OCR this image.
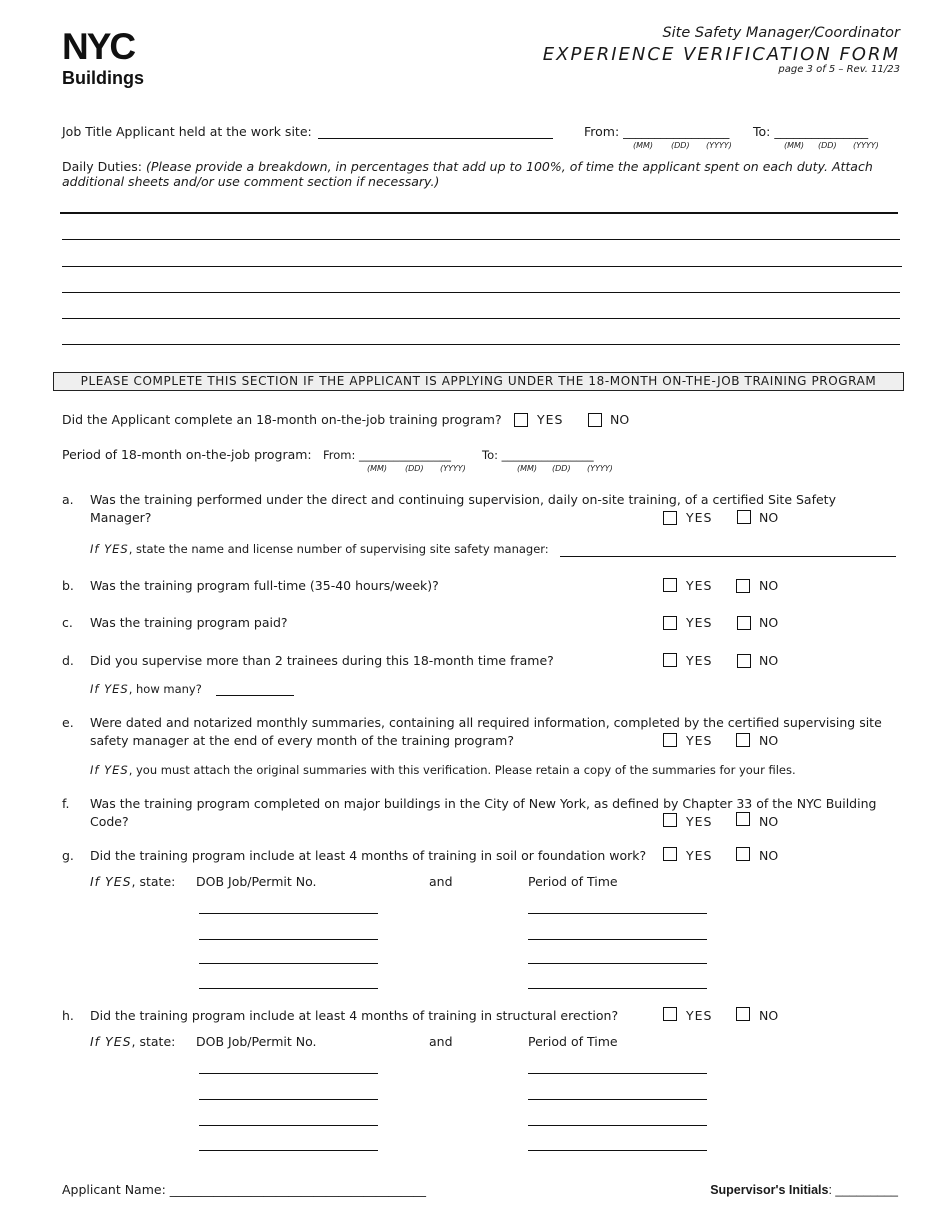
NYC
Buildings
Site Safety Manager/Coordinator
EXPERIENCE VERIFICATION FORM
page 3 of 5 – Rev. 11/23
Job Title Applicant held at the work site:	From: _________________ To: _______________
(MM) (DD) (YYYY)	(MM) (DD) (YYYY)
Daily Duties: (Please provide a breakdown, in percentages that add up to 100%, of time the applicant spent on each duty. Attach additional sheets and/or use comment section if necessary.)
PLEASE COMPLETE THIS SECTION IF THE APPLICANT IS APPLYING UNDER THE 18-MONTH ON-THE-JOB TRAINING PROGRAM
Did the Applicant complete an 18-month on-the-job training program?	YES	NO
Period of 18-month on-the-job program: From: ________________	To: ________________
(MM) (DD) (YYYY)	(MM) (DD) (YYYY)
a. Was the training performed under the direct and continuing supervision, daily on-site training, of a certified Site Safety
Manager?	YES	NO
If YES, state the name and license number of supervising site safety manager:
b. Was the training program full-time (35-40 hours/week)?	YES	NO
c. Was the training program paid?	YES	NO
d. Did you supervise more than 2 trainees during this 18-month time frame?	YES	NO
If YES, how many?
e. Were dated and notarized monthly summaries, containing all required information, completed by the certified supervising site
safety manager at the end of every month of the training program?	YES	NO
If YES, you must attach the original summaries with this verification. Please retain a copy of the summaries for your files.
f. Was the training program completed on major buildings in the City of New York, as defined by Chapter 33 of the NYC Building
Code?	YES	NO
g. Did the training program include at least 4 months of training in soil or foundation work?	YES	NO
If YES, state: DOB Job/Permit No.	and	Period of Time
h. Did the training program include at least 4 months of training in structural erection?	YES	NO
If YES, state: DOB Job/Permit No.	and	Period of Time
Applicant Name: _________________________________________	Supervisor's Initials: _________
